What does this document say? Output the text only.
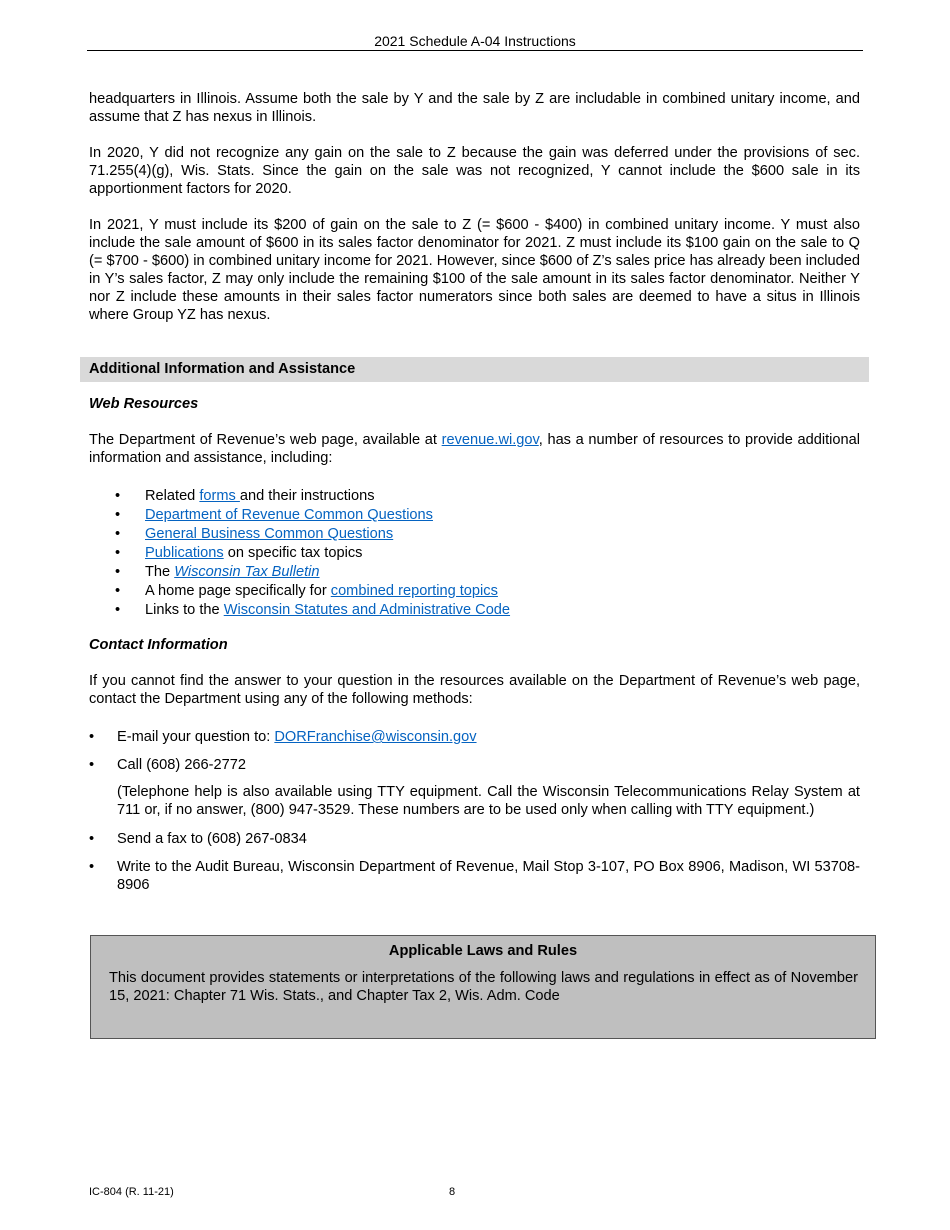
2021 Schedule A-04 Instructions

headquarters in Illinois. Assume both the sale by Y and the sale by Z are includable in combined unitary income, and assume that Z has nexus in Illinois.

In 2020, Y did not recognize any gain on the sale to Z because the gain was deferred under the provisions of sec. 71.255(4)(g), Wis. Stats. Since the gain on the sale was not recognized, Y cannot include the $600 sale in its apportionment factors for 2020.

In 2021, Y must include its $200 of gain on the sale to Z (= $600 - $400) in combined unitary income. Y must also include the sale amount of $600 in its sales factor denominator for 2021. Z must include its $100 gain on the sale to Q (= $700 - $600) in combined unitary income for 2021. However, since $600 of Z’s sales price has already been included in Y’s sales factor, Z may only include the remaining $100 of the sale amount in its sales factor denominator. Neither Y nor Z include these amounts in their sales factor numerators since both sales are deemed to have a situs in Illinois where Group YZ has nexus.

Additional Information and Assistance
Web Resources

The Department of Revenue’s web page, available at revenue.wi.gov, has a number of resources to provide additional information and assistance, including:

• Related forms and their instructions
• Department of Revenue Common Questions
• General Business Common Questions
• Publications on specific tax topics
• The Wisconsin Tax Bulletin
• A home page specifically for combined reporting topics
• Links to the Wisconsin Statutes and Administrative Code
Contact Information

If you cannot find the answer to your question in the resources available on the Department of Revenue’s web page, contact the Department using any of the following methods:

• E-mail your question to: DORFranchise@wisconsin.gov
• Call (608) 266-2772
(Telephone help is also available using TTY equipment. Call the Wisconsin Telecommunications Relay System at 711 or, if no answer, (800) 947-3529. These numbers are to be used only when calling with TTY equipment.)
• Send a fax to (608) 267-0834
• Write to the Audit Bureau, Wisconsin Department of Revenue, Mail Stop 3-107, PO Box 8906, Madison, WI 53708-8906
Applicable Laws and Rules
This document provides statements or interpretations of the following laws and regulations in effect as of November 15, 2021: Chapter 71 Wis. Stats., and Chapter Tax 2, Wis. Adm. Code
IC-804 (R. 11-21)	8
